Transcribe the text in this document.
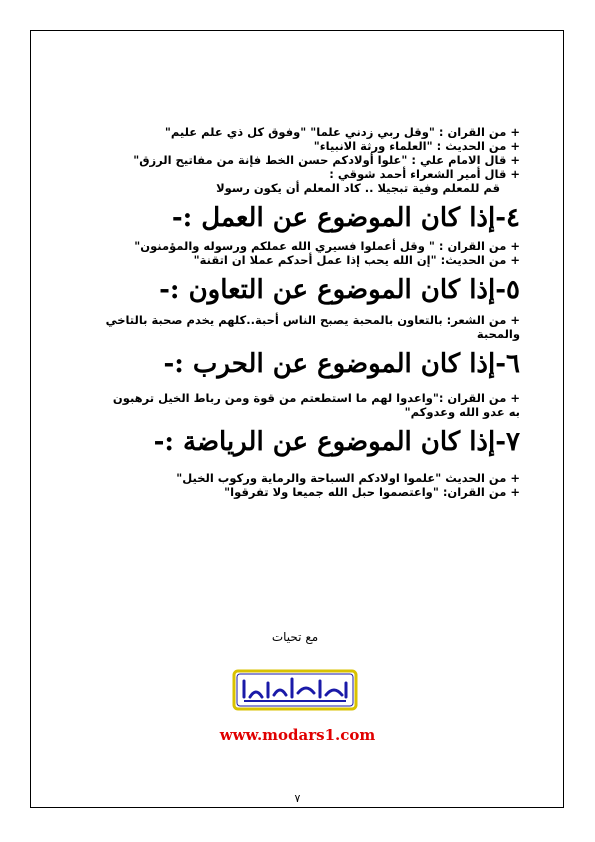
+ من القران : "وقل ربي زدني علما" "وفوق كل ذي علم عليم"

+ من الحديث : "العلماء ورثة الانبياء"

+ قال الامام علي : "علوا أولادكم حسن الخط فإنة من مفاتيح الرزق"

+ قال أمير الشعراء أحمد شوقي :

قم للمعلم وفية تبجيلا .. كاد المعلم أن يكون رسولا

٤-إذا كان الموضوع عن العمل :-

+ من القران : " وقل أعملوا فسيري الله عملكم ورسوله والمؤمنون"

+ من الحديث: "إن الله يحب إذا عمل أحدكم عملا ان اتقنة"

٥-إذا كان الموضوع عن التعاون :-

+ من الشعر: بالتعاون بالمحبة يصبح الناس أحبة..كلهم يخدم صحبة بالتاخي والمحبة

٦-إذا كان الموضوع عن الحرب :-

+ من القران :"واعدوا لهم ما استطعتم من قوة ومن رباط الخيل ترهبون به عدو الله وعدوكم"

٧-إذا كان الموضوع عن الرياضة :-

+ من الحديث "علموا اولادكم السباحة والرماية وركوب الخيل"

+ من القران: "واعتصموا حبل الله جميعا ولا تفرقوا"

مع تحيات
www.modars1.com
٧
